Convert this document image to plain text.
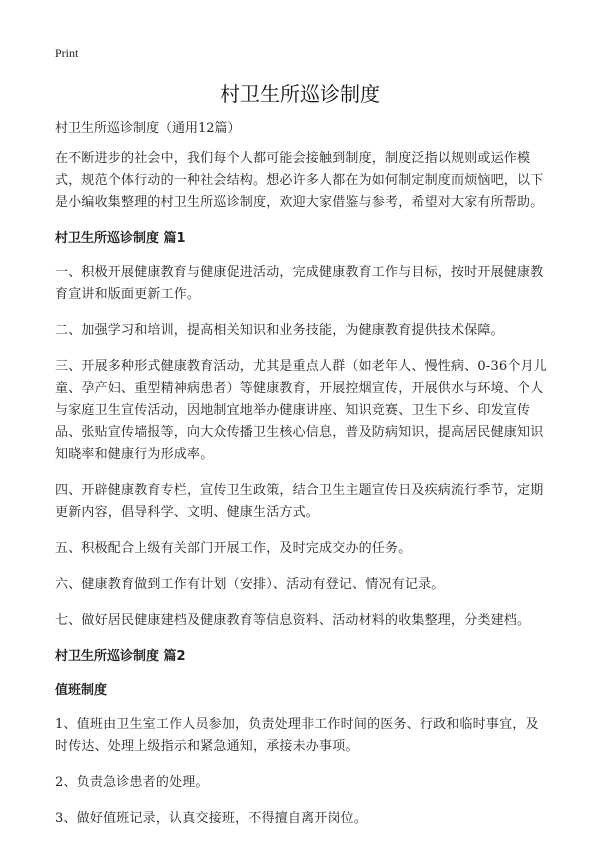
Print
村卫生所巡诊制度

村卫生所巡诊制度（通用12篇）

在不断进步的社会中，我们每个人都可能会接触到制度，制度泛指以规则或运作模式，规范个体行动的一种社会结构。想必许多人都在为如何制定制度而烦恼吧，以下是小编收集整理的村卫生所巡诊制度，欢迎大家借鉴与参考，希望对大家有所帮助。

村卫生所巡诊制度 篇1

一、积极开展健康教育与健康促进活动，完成健康教育工作与目标，按时开展健康教育宣讲和版面更新工作。

二、加强学习和培训，提高相关知识和业务技能，为健康教育提供技术保障。

三、开展多种形式健康教育活动，尤其是重点人群（如老年人、慢性病、0-36个月儿童、孕产妇、重型精神病患者）等健康教育，开展控烟宣传，开展供水与环境、个人与家庭卫生宣传活动，因地制宜地举办健康讲座、知识竞赛、卫生下乡、印发宣传品、张贴宣传墙报等，向大众传播卫生核心信息，普及防病知识，提高居民健康知识知晓率和健康行为形成率。

四、开辟健康教育专栏，宣传卫生政策，结合卫生主题宣传日及疾病流行季节，定期更新内容，倡导科学、文明、健康生活方式。

五、积极配合上级有关部门开展工作，及时完成交办的任务。

六、健康教育做到工作有计划（安排）、活动有登记、情况有记录。

七、做好居民健康建档及健康教育等信息资料、活动材料的收集整理，分类建档。

村卫生所巡诊制度 篇2
值班制度

1、值班由卫生室工作人员参加，负责处理非工作时间的医务、行政和临时事宜，及时传达、处理上级指示和紧急通知，承接未办事项。

2、负责急诊患者的处理。

3、做好值班记录，认真交接班，不得擅自离开岗位。
